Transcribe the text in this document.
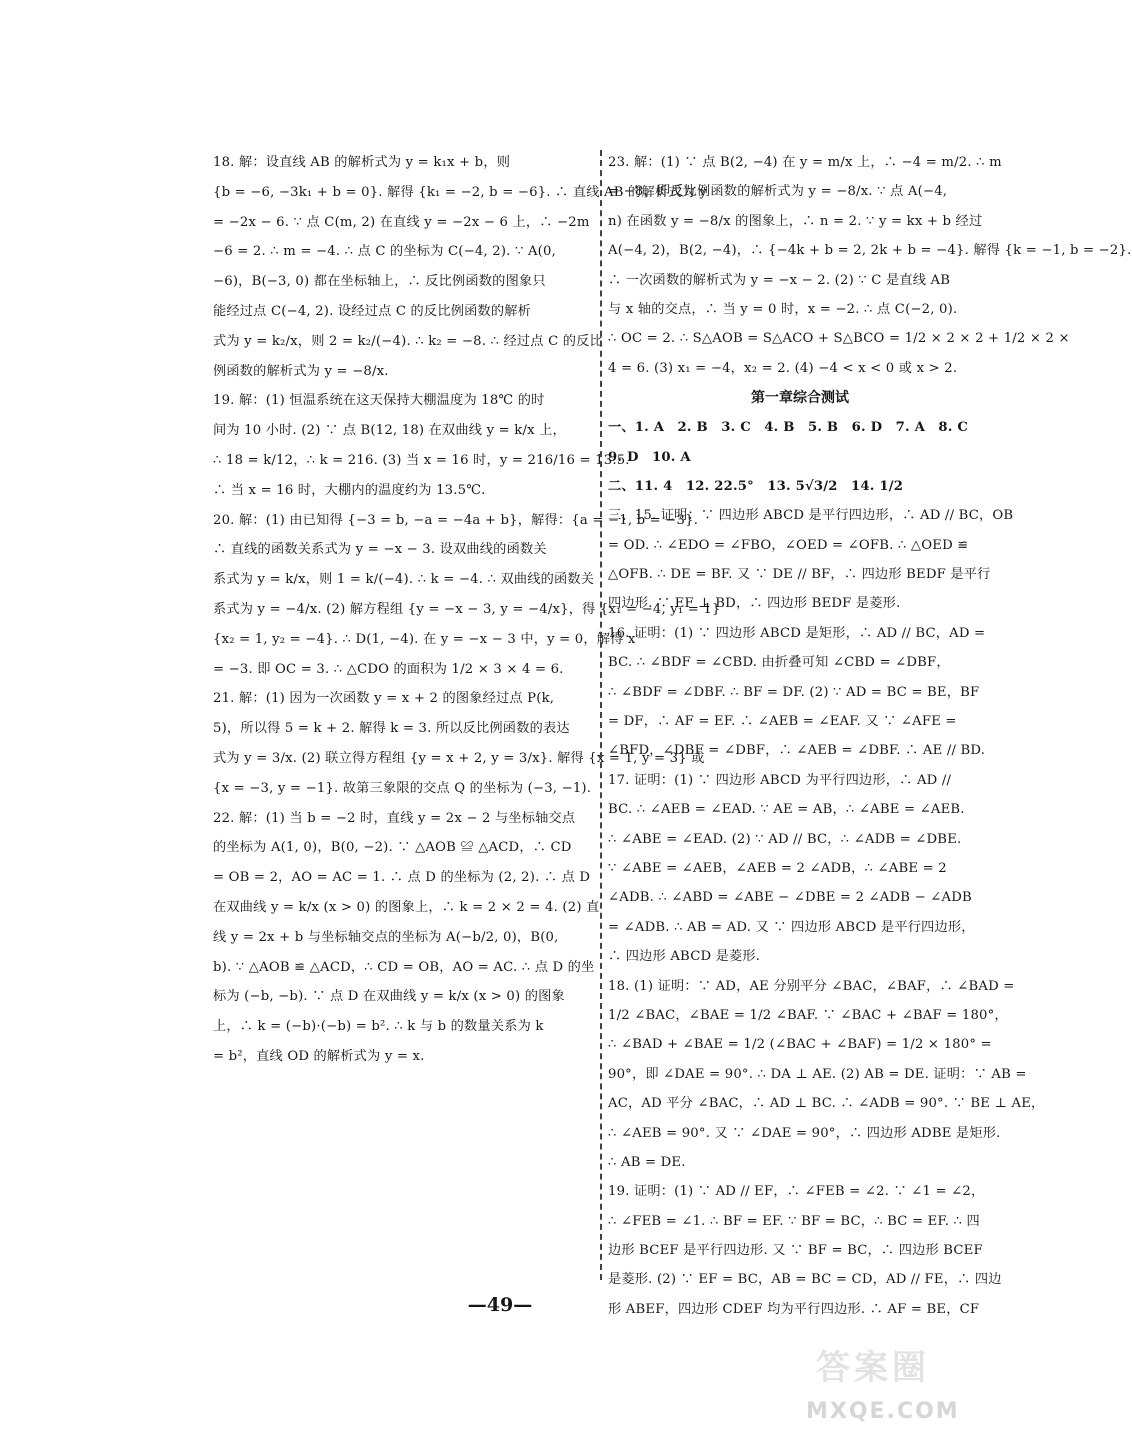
18. 解：设直线 AB 的解析式为 y = k₁x + b，则
{b = −6, −3k₁ + b = 0}. 解得 {k₁ = −2, b = −6}. ∴ 直线 AB 的解析式为 y
= −2x − 6. ∵ 点 C(m, 2) 在直线 y = −2x − 6 上，∴ −2m
−6 = 2. ∴ m = −4. ∴ 点 C 的坐标为 C(−4, 2). ∵ A(0,
−6)，B(−3, 0) 都在坐标轴上，∴ 反比例函数的图象只
能经过点 C(−4, 2). 设经过点 C 的反比例函数的解析
式为 y = k₂/x，则 2 = k₂/(−4). ∴ k₂ = −8. ∴ 经过点 C 的反比
例函数的解析式为 y = −8/x.
19. 解：(1) 恒温系统在这天保持大棚温度为 18℃ 的时
间为 10 小时. (2) ∵ 点 B(12, 18) 在双曲线 y = k/x 上，
∴ 18 = k/12，∴ k = 216. (3) 当 x = 16 时，y = 216/16 = 13.5.
∴ 当 x = 16 时，大棚内的温度约为 13.5℃.
20. 解：(1) 由已知得 {−3 = b, −a = −4a + b}，解得：{a = −1, b = −3}.
∴ 直线的函数关系式为 y = −x − 3. 设双曲线的函数关
系式为 y = k/x，则 1 = k/(−4). ∴ k = −4. ∴ 双曲线的函数关
系式为 y = −4/x. (2) 解方程组 {y = −x − 3, y = −4/x}，得 {x₁ = −4, y₁ = 1}
{x₂ = 1, y₂ = −4}. ∴ D(1, −4). 在 y = −x − 3 中，y = 0，解得 x
= −3. 即 OC = 3. ∴ △CDO 的面积为 1/2 × 3 × 4 = 6.
21. 解：(1) 因为一次函数 y = x + 2 的图象经过点 P(k,
5)，所以得 5 = k + 2. 解得 k = 3. 所以反比例函数的表达
式为 y = 3/x. (2) 联立得方程组 {y = x + 2, y = 3/x}. 解得 {x = 1, y = 3} 或
{x = −3, y = −1}. 故第三象限的交点 Q 的坐标为 (−3, −1).
22. 解：(1) 当 b = −2 时，直线 y = 2x − 2 与坐标轴交点
的坐标为 A(1, 0)，B(0, −2). ∵ △AOB ≌ △ACD，∴ CD
= OB = 2，AO = AC = 1. ∴ 点 D 的坐标为 (2, 2). ∴ 点 D
在双曲线 y = k/x (x > 0) 的图象上，∴ k = 2 × 2 = 4. (2) 直
线 y = 2x + b 与坐标轴交点的坐标为 A(−b/2, 0)，B(0,
b). ∵ △AOB ≌ △ACD，∴ CD = OB，AO = AC. ∴ 点 D 的坐
标为 (−b, −b). ∵ 点 D 在双曲线 y = k/x (x > 0) 的图象
上，∴ k = (−b)·(−b) = b². ∴ k 与 b 的数量关系为 k
= b²，直线 OD 的解析式为 y = x.
23. 解：(1) ∵ 点 B(2, −4) 在 y = m/x 上，∴ −4 = m/2. ∴ m
= −8，即反比例函数的解析式为 y = −8/x. ∵ 点 A(−4,
n) 在函数 y = −8/x 的图象上，∴ n = 2. ∵ y = kx + b 经过
A(−4, 2)，B(2, −4)，∴ {−4k + b = 2, 2k + b = −4}. 解得 {k = −1, b = −2}.
∴ 一次函数的解析式为 y = −x − 2. (2) ∵ C 是直线 AB
与 x 轴的交点，∴ 当 y = 0 时，x = −2. ∴ 点 C(−2, 0).
∴ OC = 2. ∴ S△AOB = S△ACO + S△BCO = 1/2 × 2 × 2 + 1/2 × 2 ×
4 = 6. (3) x₁ = −4，x₂ = 2. (4) −4 < x < 0 或 x > 2.
第一章综合测试
一、1. A　2. B　3. C　4. B　5. B　6. D　7. A　8. C
9. D　10. A
二、11. 4　12. 22.5°　13. 5√3/2　14. 1/2
三、15. 证明：∵ 四边形 ABCD 是平行四边形，∴ AD // BC，OB
= OD. ∴ ∠EDO = ∠FBO，∠OED = ∠OFB. ∴ △OED ≌
△OFB. ∴ DE = BF. 又 ∵ DE // BF，∴ 四边形 BEDF 是平行
四边形. ∵ EF ⊥ BD，∴ 四边形 BEDF 是菱形.
16. 证明：(1) ∵ 四边形 ABCD 是矩形，∴ AD // BC，AD =
BC. ∴ ∠BDF = ∠CBD. 由折叠可知 ∠CBD = ∠DBF，
∴ ∠BDF = ∠DBF. ∴ BF = DF. (2) ∵ AD = BC = BE，BF
= DF，∴ AF = EF. ∴ ∠AEB = ∠EAF. 又 ∵ ∠AFE =
∠BFD，∠DBF = ∠DBF，∴ ∠AEB = ∠DBF. ∴ AE // BD.
17. 证明：(1) ∵ 四边形 ABCD 为平行四边形，∴ AD //
BC. ∴ ∠AEB = ∠EAD. ∵ AE = AB，∴ ∠ABE = ∠AEB.
∴ ∠ABE = ∠EAD. (2) ∵ AD // BC，∴ ∠ADB = ∠DBE.
∵ ∠ABE = ∠AEB，∠AEB = 2 ∠ADB，∴ ∠ABE = 2
∠ADB. ∴ ∠ABD = ∠ABE − ∠DBE = 2 ∠ADB − ∠ADB
= ∠ADB. ∴ AB = AD. 又 ∵ 四边形 ABCD 是平行四边形，
∴ 四边形 ABCD 是菱形.
18. (1) 证明：∵ AD，AE 分别平分 ∠BAC，∠BAF，∴ ∠BAD =
1/2 ∠BAC，∠BAE = 1/2 ∠BAF. ∵ ∠BAC + ∠BAF = 180°，
∴ ∠BAD + ∠BAE = 1/2 (∠BAC + ∠BAF) = 1/2 × 180° =
90°，即 ∠DAE = 90°. ∴ DA ⊥ AE. (2) AB = DE. 证明：∵ AB =
AC，AD 平分 ∠BAC，∴ AD ⊥ BC. ∴ ∠ADB = 90°. ∵ BE ⊥ AE，
∴ ∠AEB = 90°. 又 ∵ ∠DAE = 90°，∴ 四边形 ADBE 是矩形.
∴ AB = DE.
19. 证明：(1) ∵ AD // EF，∴ ∠FEB = ∠2. ∵ ∠1 = ∠2，
∴ ∠FEB = ∠1. ∴ BF = EF. ∵ BF = BC，∴ BC = EF. ∴ 四
边形 BCEF 是平行四边形. 又 ∵ BF = BC，∴ 四边形 BCEF
是菱形. (2) ∵ EF = BC，AB = BC = CD，AD // FE，∴ 四边
形 ABEF，四边形 CDEF 均为平行四边形. ∴ AF = BE，CF
—49—
答案圈
MXQE.COM
